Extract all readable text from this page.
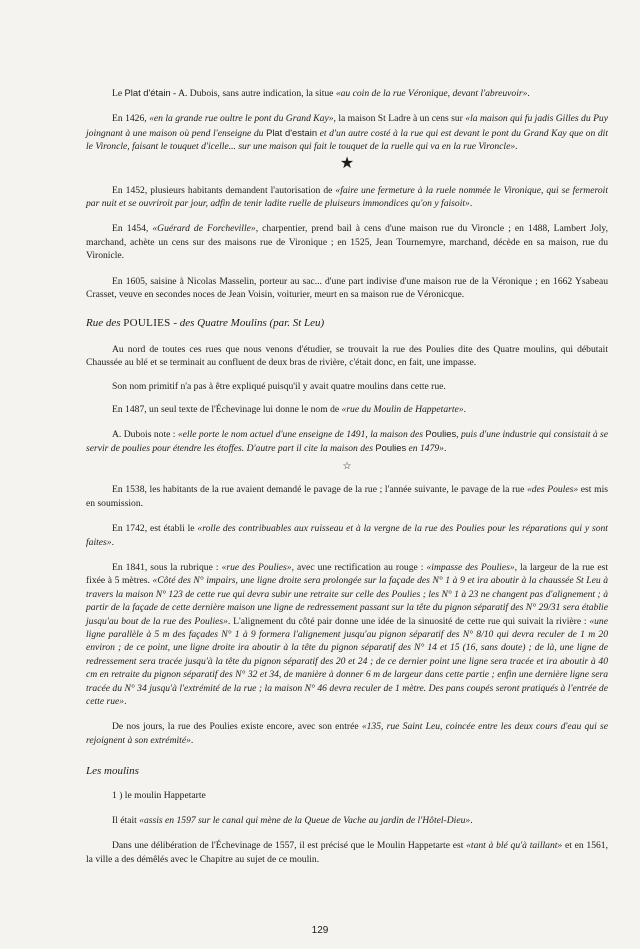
Le Plat d'étain - A. Dubois, sans autre indication, la situe «au coin de la rue Véronique, devant l'abreuvoir».

En 1426, «en la grande rue oultre le pont du Grand Kay», la maison St Ladre à un cens sur «la maison qui fu jadis Gilles du Puy joingnant à une maison où pend l'enseigne du Plat d'estain et d'un autre costé à la rue qui est devant le pont du Grand Kay que on dit le Vironcle, faisant le touquet d'icelle... sur une maison qui fait le touquet de la ruelle qui va en la rue Vironcle».

★

En 1452, plusieurs habitants demandent l'autorisation de «faire une fermeture à la ruele nommée le Vironique, qui se fermeroit par nuit et se ouvriroit par jour, adfin de tenir ladite ruelle de pluiseurs immondices qu'on y faisoit».

En 1454, «Guérard de Forcheville», charpentier, prend bail à cens d'une maison rue du Vironcle ; en 1488, Lambert Joly, marchand, achète un cens sur des maisons rue de Vironique ; en 1525, Jean Tournemyre, marchand, décède en sa maison, rue du Vironicle.

En 1605, saisine à Nicolas Masselin, porteur au sac... d'une part indivise d'une maison rue de la Véronique ; en 1662 Ysabeau Crasset, veuve en secondes noces de Jean Voisin, voiturier, meurt en sa maison rue de Véronicque.

Rue des POULIES - des Quatre Moulins (par. St Leu)

Au nord de toutes ces rues que nous venons d'étudier, se trouvait la rue des Poulies dite des Quatre moulins, qui débutait Chaussée au blé et se terminait au confluent de deux bras de rivière, c'était donc, en fait, une impasse.

Son nom primitif n'a pas à être expliqué puisqu'il y avait quatre moulins dans cette rue.

En 1487, un seul texte de l'Échevinage lui donne le nom de «rue du Moulin de Happetarte».

A. Dubois note : «elle porte le nom actuel d'une enseigne de 1491, la maison des Poulies, puis d'une industrie qui consistait à se servir de poulies pour étendre les étoffes. D'autre part il cite la maison des Poulies en 1479».

☆

En 1538, les habitants de la rue avaient demandé le pavage de la rue ; l'année suivante, le pavage de la rue «des Poules» est mis en soumission.

En 1742, est établi le «rolle des contribuables aux ruisseau et à la vergne de la rue des Poulies pour les réparations qui y sont faites».

En 1841, sous la rubrique : «rue des Poulies», avec une rectification au rouge : «impasse des Poulies», la largeur de la rue est fixée à 5 mètres. «Côté des N° impairs, une ligne droite sera prolongée sur la façade des N° 1 à 9 et ira aboutir à la chaussée St Leu à travers la maison N° 123 de cette rue qui devra subir une retraite sur celle des Poulies ; les N° 1 à 23 ne changent pas d'alignement ; à partir de la façade de cette dernière maison une ligne de redressement passant sur la tête du pignon séparatif des N° 29/31 sera établie jusqu'au bout de la rue des Poulies». L'alignement du côté pair donne une idée de la sinuosité de cette rue qui suivait la rivière : «une ligne parallèle à 5 m des façades N° 1 à 9 formera l'alignement jusqu'au pignon séparatif des N° 8/10 qui devra reculer de 1 m 20 environ ; de ce point, une ligne droite ira aboutir à la tête du pignon séparatif des N° 14 et 15 (16, sans doute) ; de là, une ligne de redressement sera tracée jusqu'à la tête du pignon séparatif des 20 et 24 ; de ce dernier point une ligne sera tracée et ira aboutir à 40 cm en retraite du pignon séparatif des N° 32 et 34, de manière à donner 6 m de largeur dans cette partie ; enfin une dernière ligne sera tracée du N° 34 jusqu'à l'extrémité de la rue ; la maison N° 46 devra reculer de 1 mètre. Des pans coupés seront pratiqués à l'entrée de cette rue».

De nos jours, la rue des Poulies existe encore, avec son entrée «135, rue Saint Leu, coincée entre les deux cours d'eau qui se rejoignent à son extrémité».

Les moulins

1 ) le moulin Happetarte

Il était «assis en 1597 sur le canal qui mène de la Queue de Vache au jardin de l'Hôtel-Dieu».

Dans une délibération de l'Échevinage de 1557, il est précisé que le Moulin Happetarte est «tant à blé qu'à taillant» et en 1561, la ville a des démêlés avec le Chapitre au sujet de ce moulin.

129
